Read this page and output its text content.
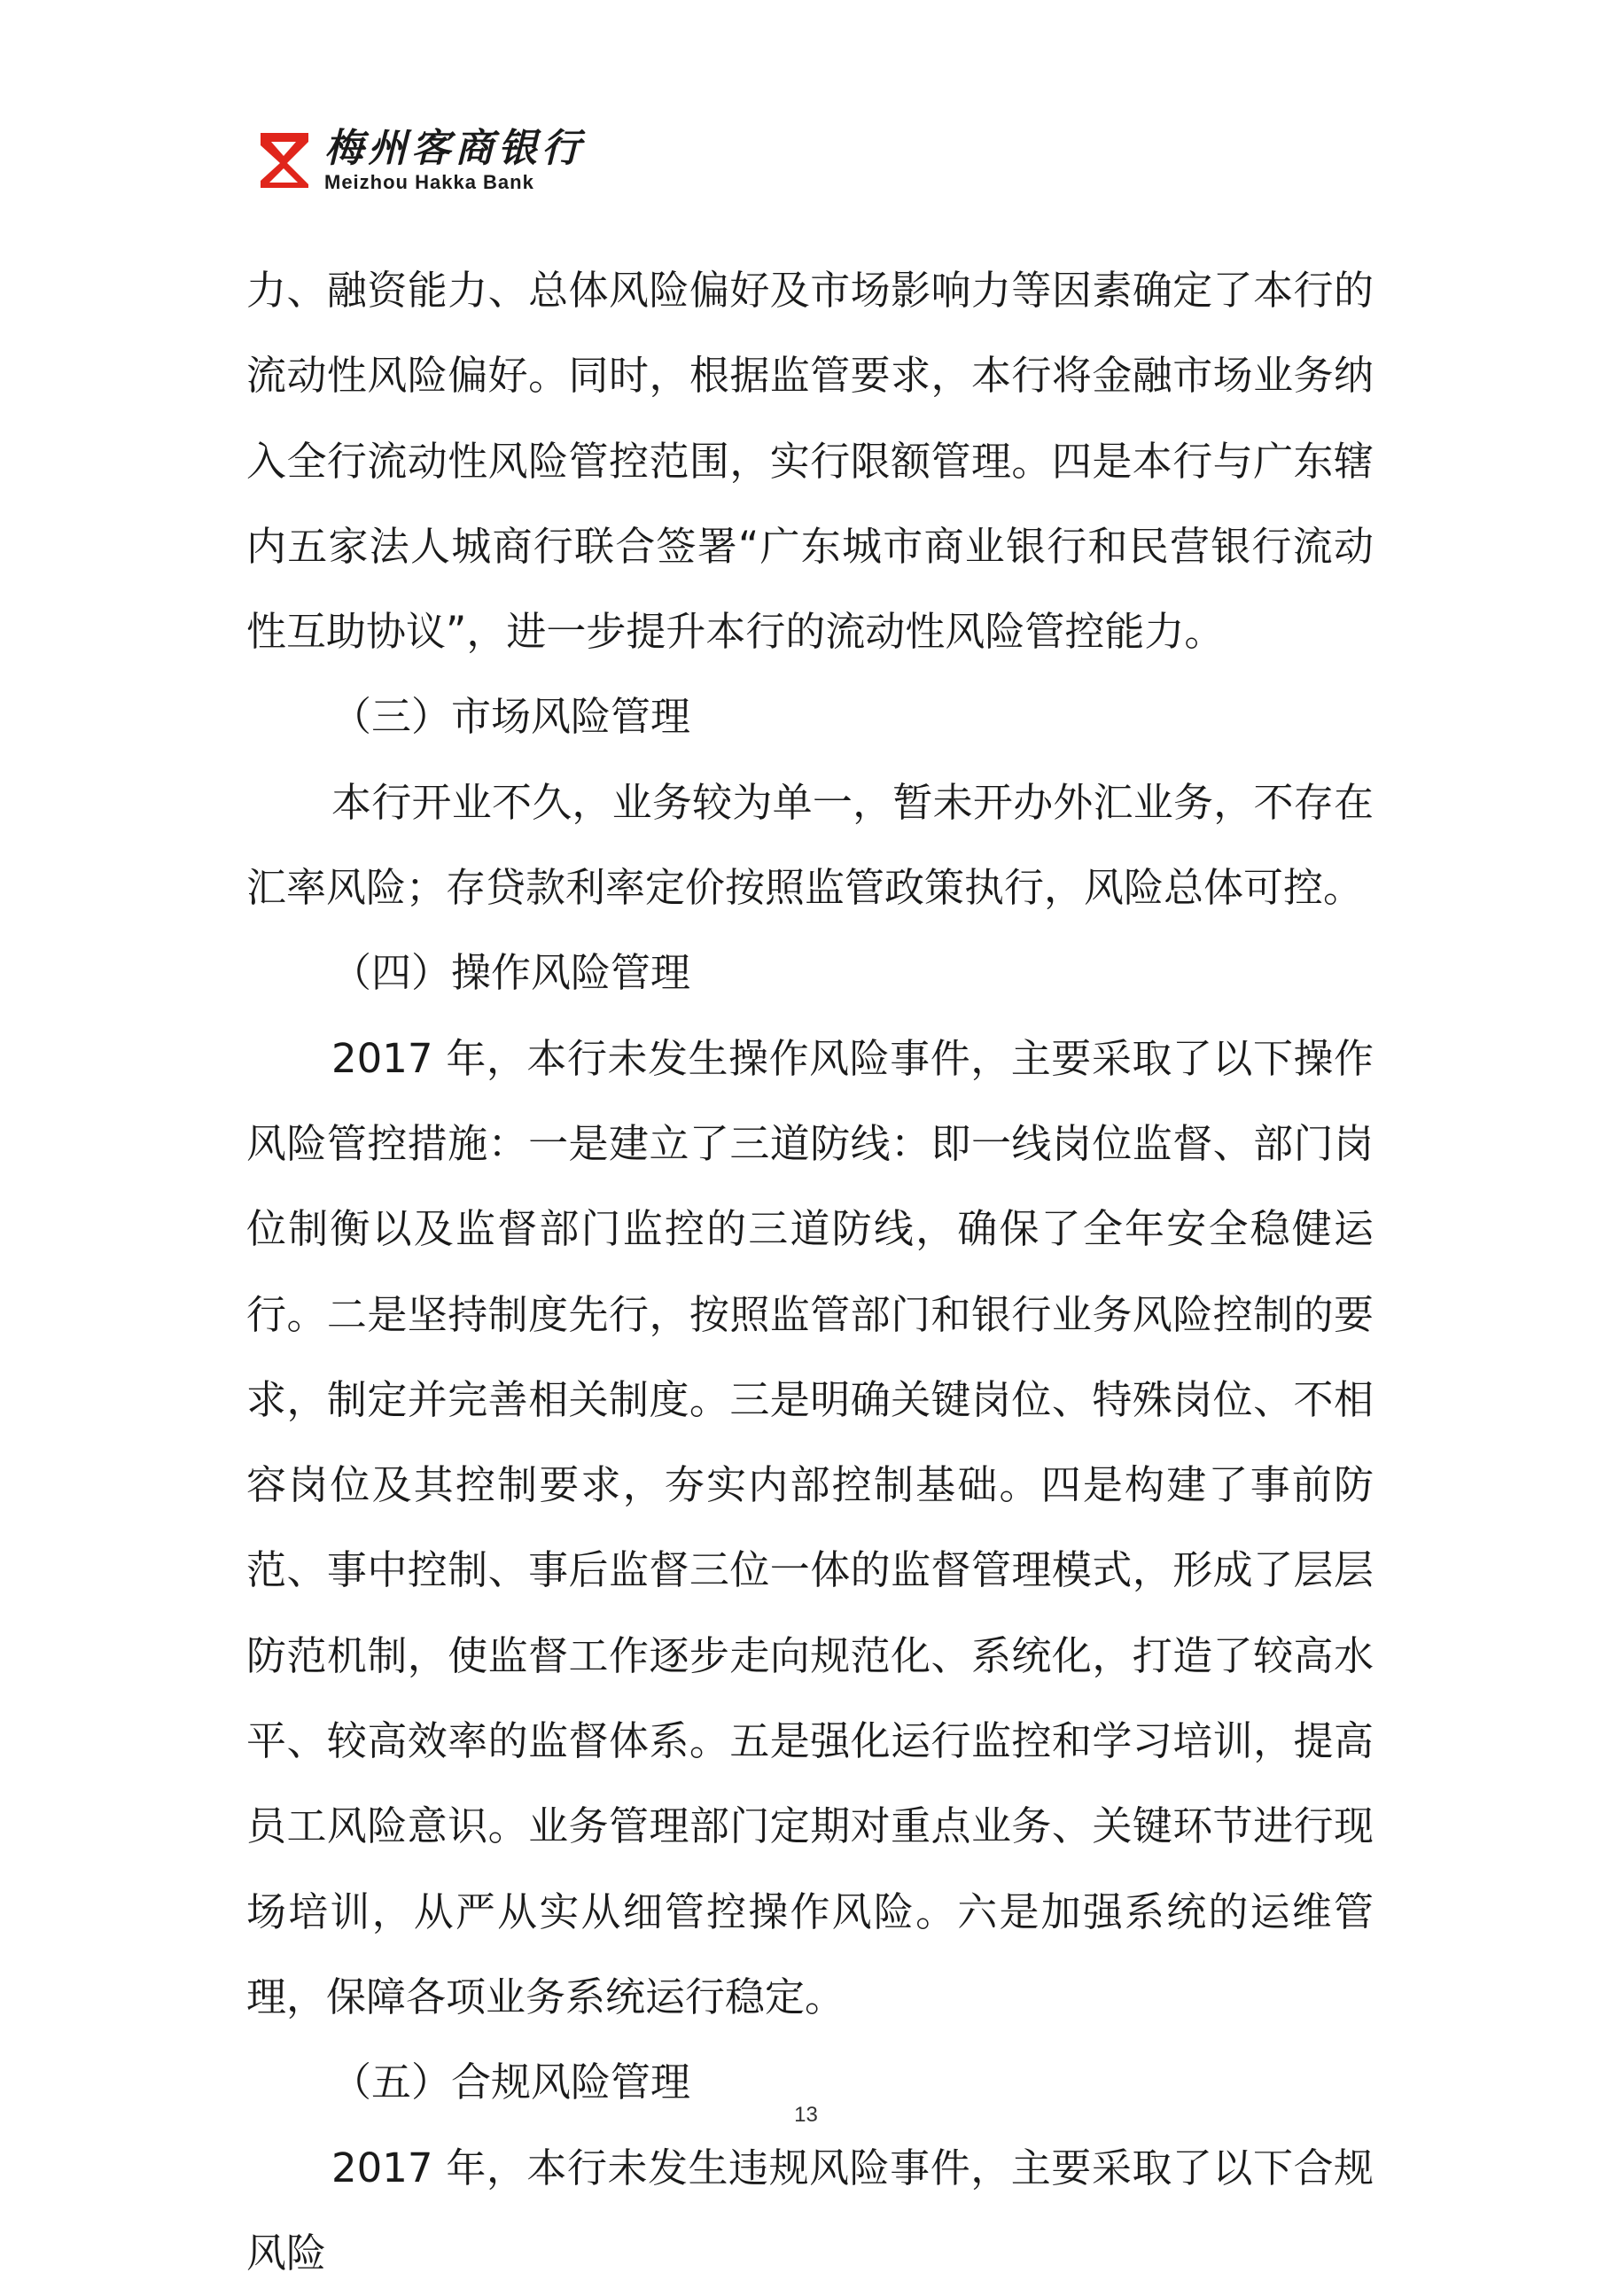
梅州客商银行
Meizhou Hakka Bank

力、融资能力、总体风险偏好及市场影响力等因素确定了本行的流动性风险偏好。同时，根据监管要求，本行将金融市场业务纳入全行流动性风险管控范围，实行限额管理。四是本行与广东辖内五家法人城商行联合签署“广东城市商业银行和民营银行流动性互助协议”，进一步提升本行的流动性风险管控能力。

（三）市场风险管理

本行开业不久，业务较为单一，暂未开办外汇业务，不存在汇率风险；存贷款利率定价按照监管政策执行，风险总体可控。

（四）操作风险管理

2017 年，本行未发生操作风险事件，主要采取了以下操作风险管控措施：一是建立了三道防线：即一线岗位监督、部门岗位制衡以及监督部门监控的三道防线，确保了全年安全稳健运行。二是坚持制度先行，按照监管部门和银行业务风险控制的要求，制定并完善相关制度。三是明确关键岗位、特殊岗位、不相容岗位及其控制要求，夯实内部控制基础。四是构建了事前防范、事中控制、事后监督三位一体的监督管理模式，形成了层层防范机制，使监督工作逐步走向规范化、系统化，打造了较高水平、较高效率的监督体系。五是强化运行监控和学习培训，提高员工风险意识。业务管理部门定期对重点业务、关键环节进行现场培训，从严从实从细管控操作风险。六是加强系统的运维管理，保障各项业务系统运行稳定。

（五）合规风险管理

2017 年，本行未发生违规风险事件，主要采取了以下合规风险

13
